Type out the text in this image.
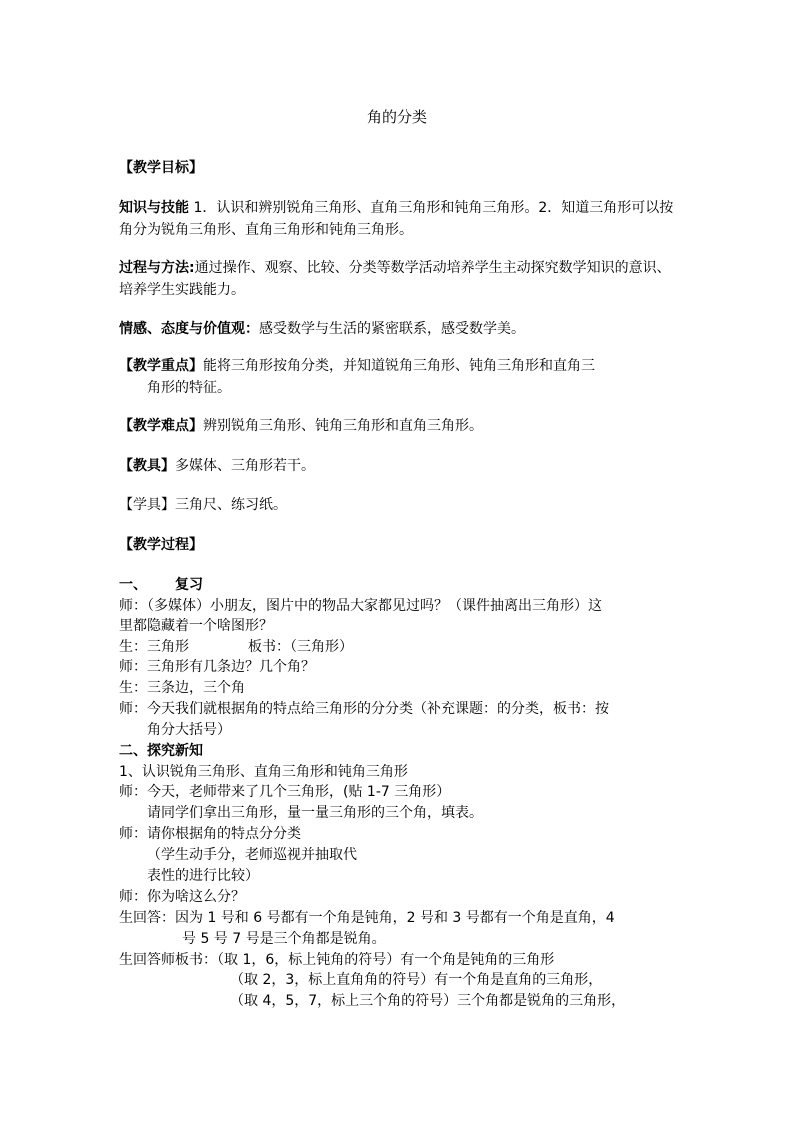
角的分类
【教学目标】

知识与技能 1．认识和辨别锐角三角形、直角三角形和钝角三角形。2．知道三角形可以按角分为锐角三角形、直角三角形和钝角三角形。

过程与方法:通过操作、观察、比较、分类等数学活动培养学生主动探究数学知识的意识、培养学生实践能力。

情感、态度与价值观：感受数学与生活的紧密联系，感受数学美。

【教学重点】能将三角形按角分类，并知道锐角三角形、钝角三角形和直角三
角形的特征。
【教学难点】辨别锐角三角形、钝角三角形和直角三角形。
【教具】多媒体、三角形若干。
【学具】三角尺、练习纸。
【教学过程】
一、 复习
师：（多媒体）小朋友，图片中的物品大家都见过吗？（课件抽离出三角形）这
里都隐藏着一个啥图形？
生：三角形	板书：（三角形）
师：三角形有几条边？几个角？
生：三条边，三个角
师：今天我们就根据角的特点给三角形的分分类（补充课题：的分类，板书：按
角分大括号）
二、探究新知
1、认识锐角三角形、直角三角形和钝角三角形
师：今天，老师带来了几个三角形，(贴 1-7 三角形）
请同学们拿出三角形，量一量三角形的三个角，填表。
师：请你根据角的特点分分类
（学生动手分，老师巡视并抽取代
表性的进行比较）
师：你为啥这么分？
生回答：因为 1 号和 6 号都有一个角是钝角，2 号和 3 号都有一个角是直角，4
号 5 号 7 号是三个角都是锐角。
生回答师板书：（取 1，6，标上钝角的符号）有一个角是钝角的三角形
（取 2，3，标上直角角的符号）有一个角是直角的三角形，
（取 4，5，7，标上三个角的符号）三个角都是锐角的三角形，
